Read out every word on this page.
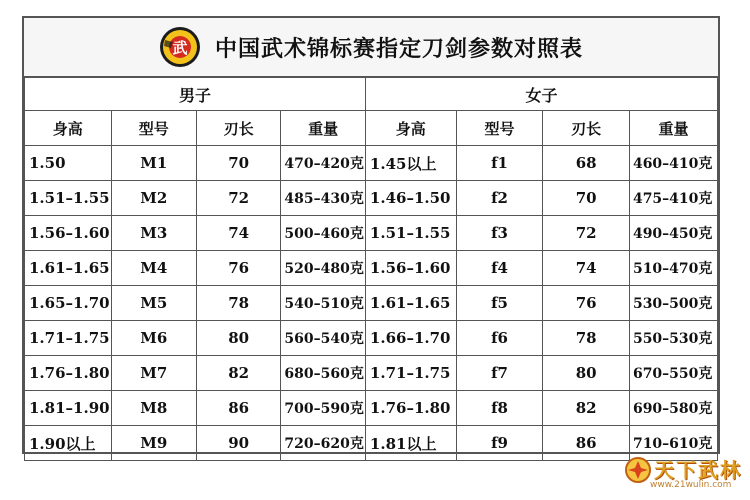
武 中国武术锦标赛指定刀剑参数对照表
男子				女子			
身高	型号	刃长	重量	身高	型号	刃长	重量
1.50	M1	70	470–420克	1.45以上	f1	68	460–410克
1.51–1.55	M2	72	485–430克	1.46–1.50	f2	70	475–410克
1.56–1.60	M3	74	500–460克	1.51–1.55	f3	72	490–450克
1.61–1.65	M4	76	520–480克	1.56–1.60	f4	74	510–470克
1.65–1.70	M5	78	540–510克	1.61–1.65	f5	76	530–500克
1.71–1.75	M6	80	560–540克	1.66–1.70	f6	78	550–530克
1.76–1.80	M7	82	680–560克	1.71–1.75	f7	80	670–550克
1.81–1.90	M8	86	700–590克	1.76–1.80	f8	82	690–580克
1.90以上	M9	90	720–620克	1.81以上	f9	86	710–610克
天下武林
www.21wulin.com
